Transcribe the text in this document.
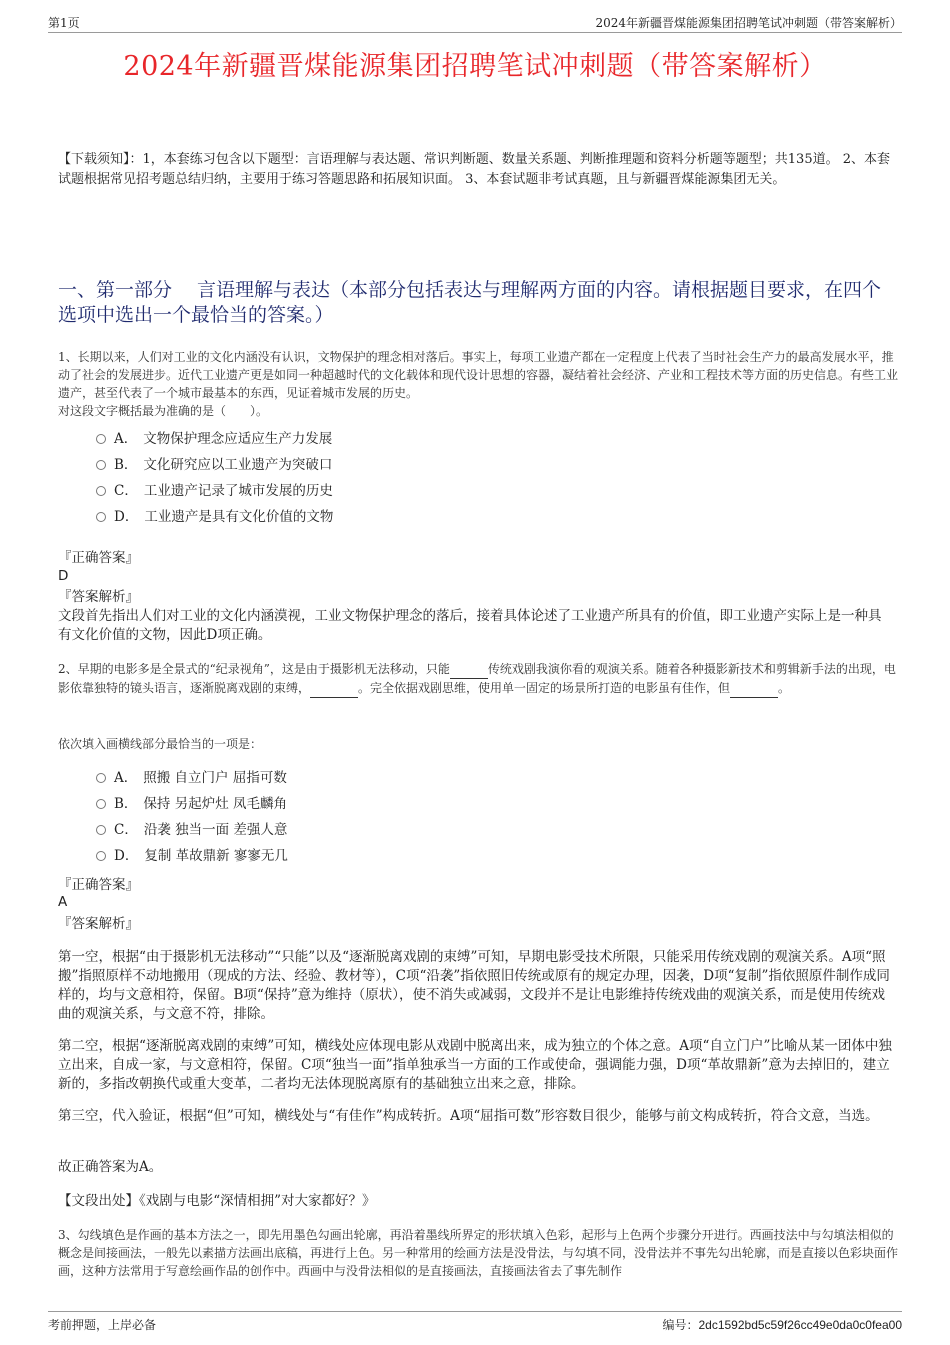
第1页	2024年新疆晋煤能源集团招聘笔试冲刺题（带答案解析）
2024年新疆晋煤能源集团招聘笔试冲刺题（带答案解析）
【下载须知】：1，本套练习包含以下题型：言语理解与表达题、常识判断题、数量关系题、判断推理题和资料分析题等题型；共135道。 2、本套试题根据常见招考题总结归纳，主要用于练习答题思路和拓展知识面。 3、本套试题非考试真题，且与新疆晋煤能源集团无关。
一、第一部分　 言语理解与表达（本部分包括表达与理解两方面的内容。请根据题目要求，在四个选项中选出一个最恰当的答案。）
1、长期以来，人们对工业的文化内涵没有认识，文物保护的理念相对落后。事实上，每项工业遗产都在一定程度上代表了当时社会生产力的最高发展水平，推动了社会的发展进步。近代工业遗产更是如同一种超越时代的文化载体和现代设计思想的容器，凝结着社会经济、产业和工程技术等方面的历史信息。有些工业遗产，甚至代表了一个城市最基本的东西，见证着城市发展的历史。
对这段文字概括最为准确的是（　　）。
A． 文物保护理念应适应生产力发展
B． 文化研究应以工业遗产为突破口
C． 工业遗产记录了城市发展的历史
D． 工业遗产是具有文化价值的文物
『正确答案』
D
『答案解析』
文段首先指出人们对工业的文化内涵漠视，工业文物保护理念的落后，接着具体论述了工业遗产所具有的价值，即工业遗产实际上是一种具有文化价值的文物，因此D项正确。
2、早期的电影多是全景式的“纪录视角”，这是由于摄影机无法移动，只能	传统戏剧我演你看的观演关系。随着各种摄影新技术和剪辑新手法的出现，电影依靠独特的镜头语言，逐渐脱离戏剧的束缚，	。完全依据戏剧思维，使用单一固定的场景所打造的电影虽有佳作，但	。
依次填入画横线部分最恰当的一项是：
A． 照搬 自立门户 屈指可数
B． 保持 另起炉灶 凤毛麟角
C． 沿袭 独当一面 差强人意
D． 复制 革故鼎新 寥寥无几
『正确答案』
A
『答案解析』
第一空，根据“由于摄影机无法移动”“只能”以及“逐渐脱离戏剧的束缚”可知，早期电影受技术所限，只能采用传统戏剧的观演关系。A项“照搬”指照原样不动地搬用（现成的方法、经验、教材等），C项“沿袭”指依照旧传统或原有的规定办理，因袭，D项“复制”指依照原件制作成同样的，均与文意相符，保留。B项“保持”意为维持（原状），使不消失或减弱，文段并不是让电影维持传统戏曲的观演关系，而是使用传统戏曲的观演关系，与文意不符，排除。
第二空，根据“逐渐脱离戏剧的束缚”可知，横线处应体现电影从戏剧中脱离出来，成为独立的个体之意。A项“自立门户”比喻从某一团体中独立出来，自成一家，与文意相符，保留。C项“独当一面”指单独承当一方面的工作或使命，强调能力强，D项“革故鼎新”意为去掉旧的，建立新的，多指改朝换代或重大变革，二者均无法体现脱离原有的基础独立出来之意，排除。
第三空，代入验证，根据“但”可知，横线处与“有佳作”构成转折。A项“屈指可数”形容数目很少，能够与前文构成转折，符合文意，当选。
故正确答案为A。
【文段出处】《戏剧与电影“深情相拥”对大家都好？》
3、勾线填色是作画的基本方法之一，即先用墨色勾画出轮廓，再沿着墨线所界定的形状填入色彩，起形与上色两个步骤分开进行。西画技法中与勾填法相似的概念是间接画法，一般先以素描方法画出底稿，再进行上色。另一种常用的绘画方法是没骨法，与勾填不同，没骨法并不事先勾出轮廓，而是直接以色彩块面作画，这种方法常用于写意绘画作品的创作中。西画中与没骨法相似的是直接画法，直接画法省去了事先制作
考前押题，上岸必备	编号：2dc1592bd5c59f26cc49e0da0c0fea00
